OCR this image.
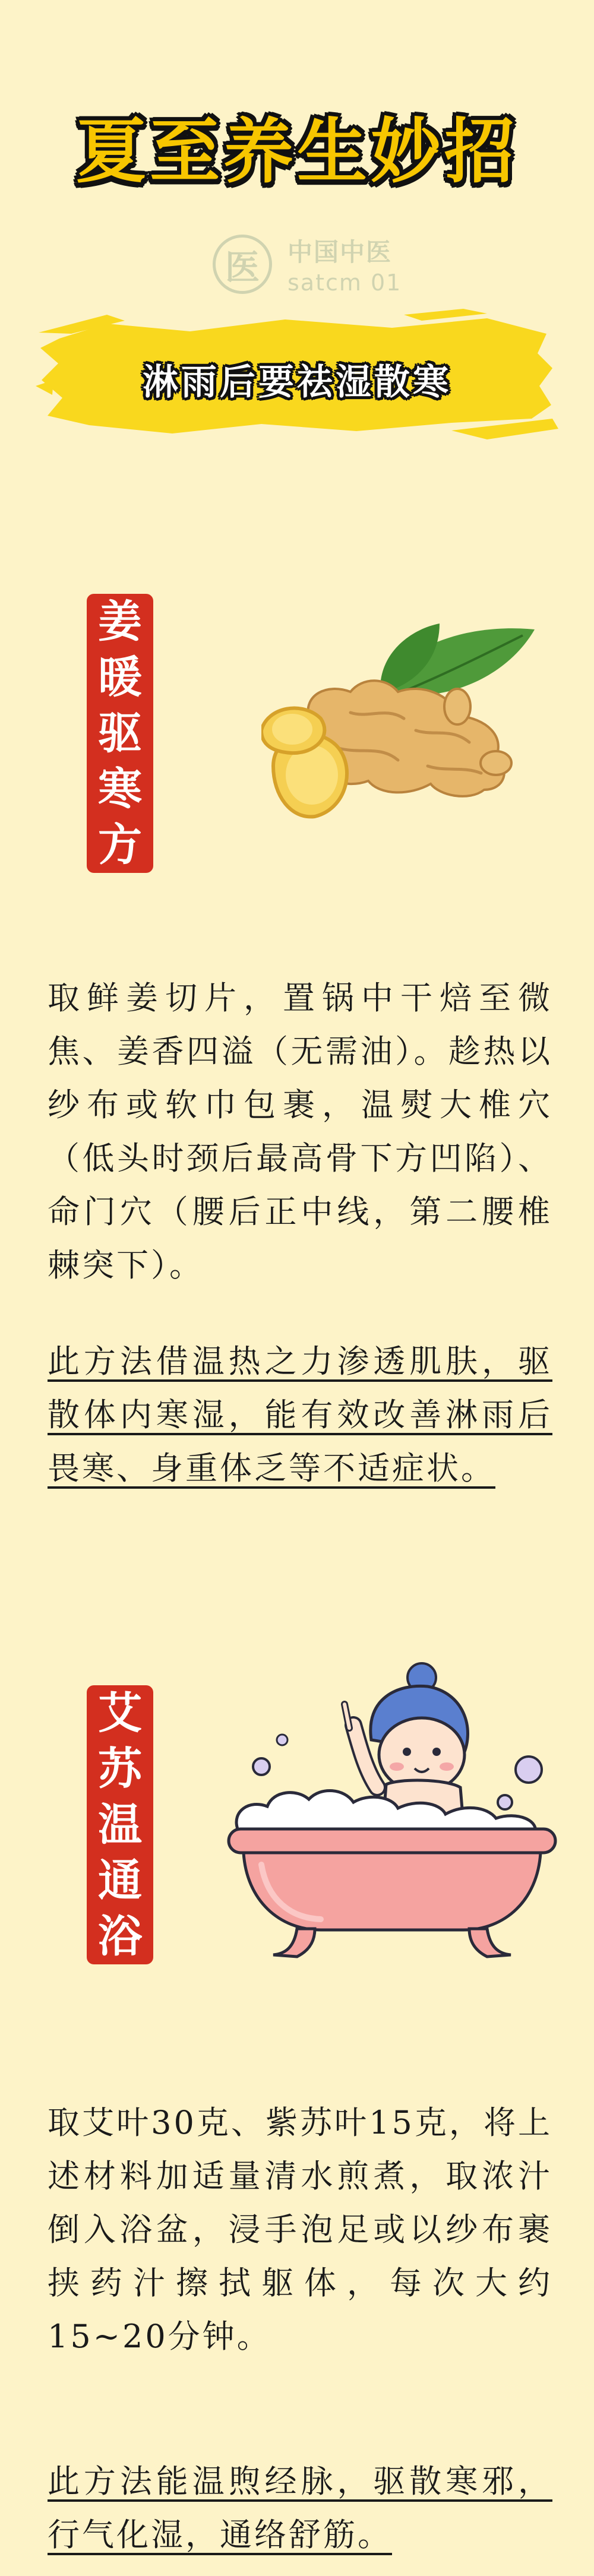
夏至养生妙招
医 中国中医
satcm 01
淋雨后要祛湿散寒
姜
暖
驱
寒
方
取鲜姜切片，置锅中干焙至微焦、姜香四溢（无需油）。趁热以纱布或软巾包裹，温熨大椎穴（低头时颈后最高骨下方凹陷）、命门穴（腰后正中线，第二腰椎棘突下）。
此方法借温热之力渗透肌肤，驱散体内寒湿，能有效改善淋雨后畏寒、身重体乏等不适症状。
艾
苏
温
通
浴
取艾叶30克、紫苏叶15克，将上述材料加适量清水煎煮，取浓汁倒入浴盆，浸手泡足或以纱布裹挟药汁擦拭躯体，每次大约15~20分钟。
此方法能温煦经脉，驱散寒邪，行气化湿，通络舒筋。
